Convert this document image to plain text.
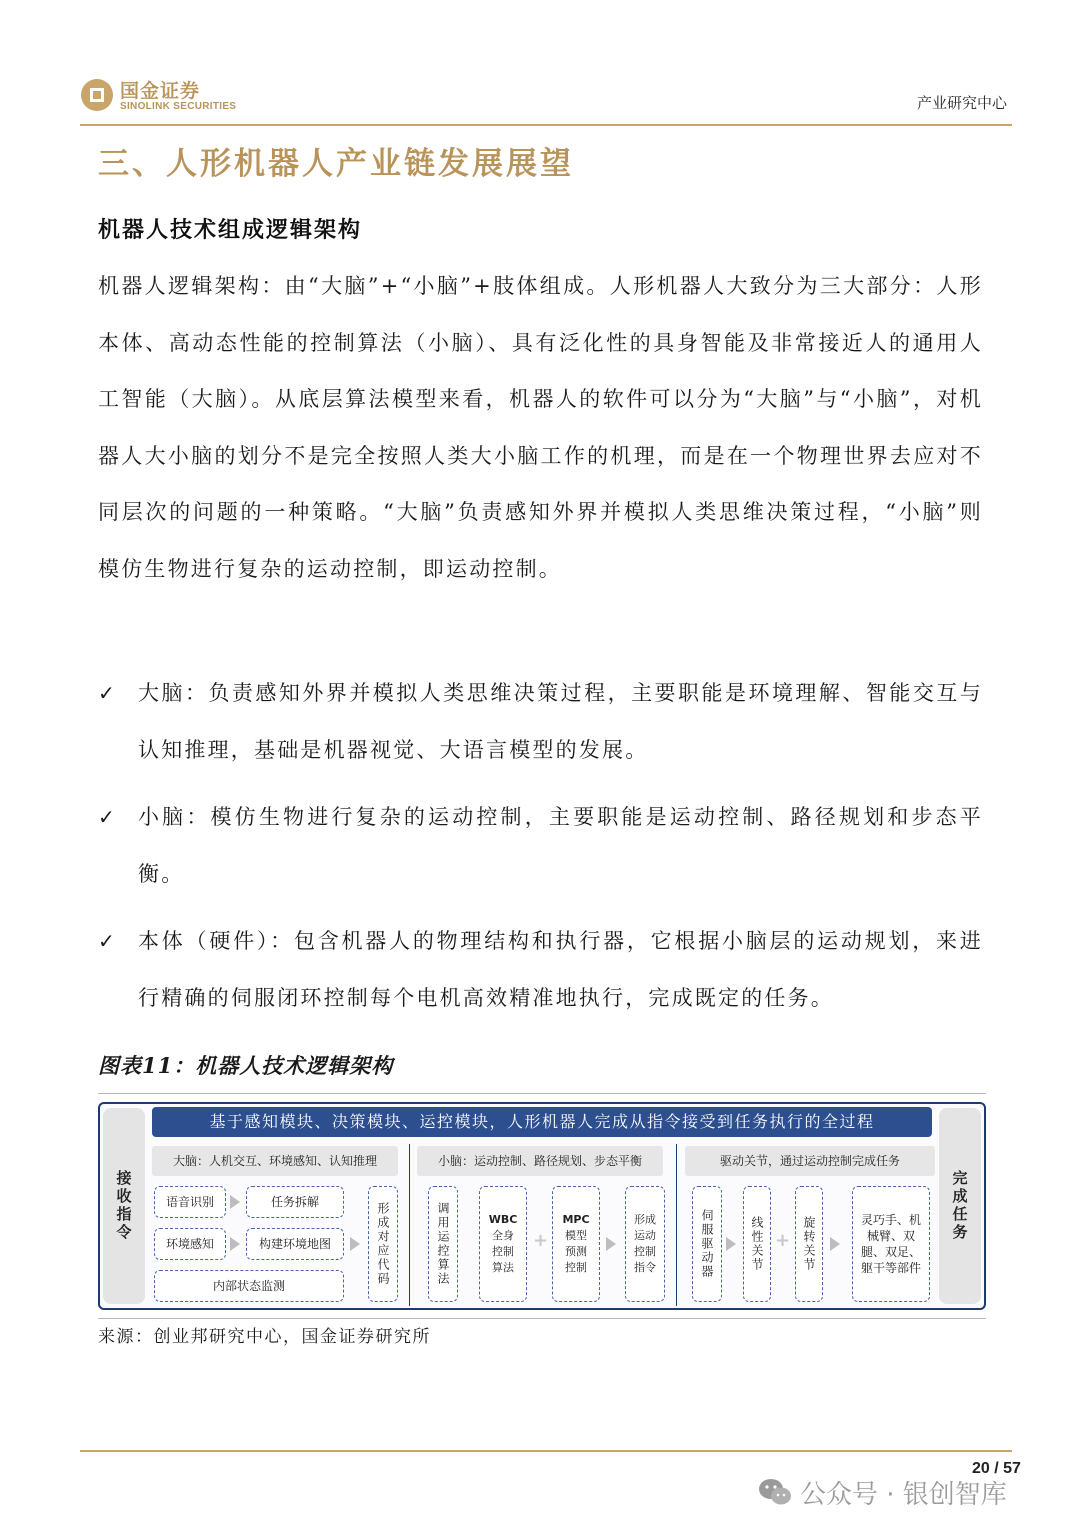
国金证券
SINOLINK SECURITIES	产业研究中心
三、人形机器人产业链发展展望
机器人技术组成逻辑架构

机器人逻辑架构：由“大脑”+“小脑”+肢体组成。人形机器人大致分为三大部分：人形本体、高动态性能的控制算法（小脑）、具有泛化性的具身智能及非常接近人的通用人工智能（大脑）。从底层算法模型来看，机器人的软件可以分为“大脑”与“小脑”，对机器人大小脑的划分不是完全按照人类大小脑工作的机理，而是在一个物理世界去应对不同层次的问题的一种策略。“大脑”负责感知外界并模拟人类思维决策过程，“小脑”则模仿生物进行复杂的运动控制，即运动控制。

✓ 大脑：负责感知外界并模拟人类思维决策过程，主要职能是环境理解、智能交互与认知推理，基础是机器视觉、大语言模型的发展。
✓ 小脑：模仿生物进行复杂的运动控制，主要职能是运动控制、路径规划和步态平衡。
✓ 本体（硬件）：包含机器人的物理结构和执行器，它根据小脑层的运动规划，来进行精确的伺服闭环控制每个电机高效精准地执行，完成既定的任务。
图表11：机器人技术逻辑架构
接收指令	完成任务
基于感知模块、决策模块、运控模块，人形机器人完成从指令接受到任务执行的全过程
大脑：人机交互、环境感知、认知推理	小脑：运动控制、路径规划、步态平衡	驱动关节，通过运动控制完成任务
语音识别	任务拆解
环境感知	构建环境地图
内部状态监测	形成对应代码	调用运控算法	WBC
全身控制算法
+
MPC
模型预测控制
形成运动控制指令	伺服驱动器	线性关节 + 旋转关节	灵巧手、机械臂、双腿、双足、躯干等部件
来源：创业邦研究中心，国金证券研究所
20 / 57
公众号 · 银创智库
